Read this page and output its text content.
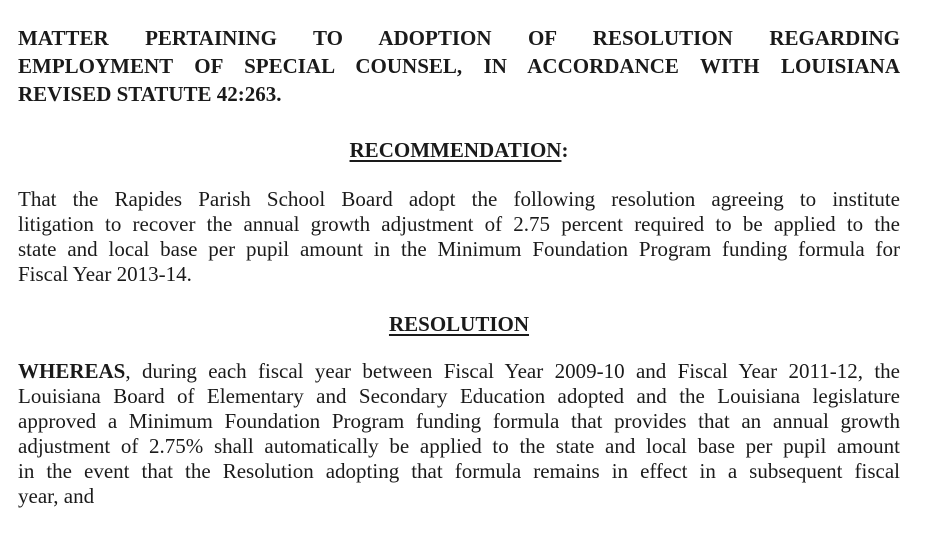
MATTER PERTAINING TO ADOPTION OF RESOLUTION REGARDING
EMPLOYMENT OF SPECIAL COUNSEL, IN ACCORDANCE WITH LOUISIANA
REVISED STATUTE 42:263.
RECOMMENDATION:
That the Rapides Parish School Board adopt the following resolution agreeing to institute
litigation to recover the annual growth adjustment of 2.75 percent required to be applied to the
state and local base per pupil amount in the Minimum Foundation Program funding formula for
Fiscal Year 2013-14.
RESOLUTION
WHEREAS, during each fiscal year between Fiscal Year 2009-10 and Fiscal Year 2011-12, the
Louisiana Board of Elementary and Secondary Education adopted and the Louisiana legislature
approved a Minimum Foundation Program funding formula that provides that an annual growth
adjustment of 2.75% shall automatically be applied to the state and local base per pupil amount
in the event that the Resolution adopting that formula remains in effect in a subsequent fiscal
year, and
